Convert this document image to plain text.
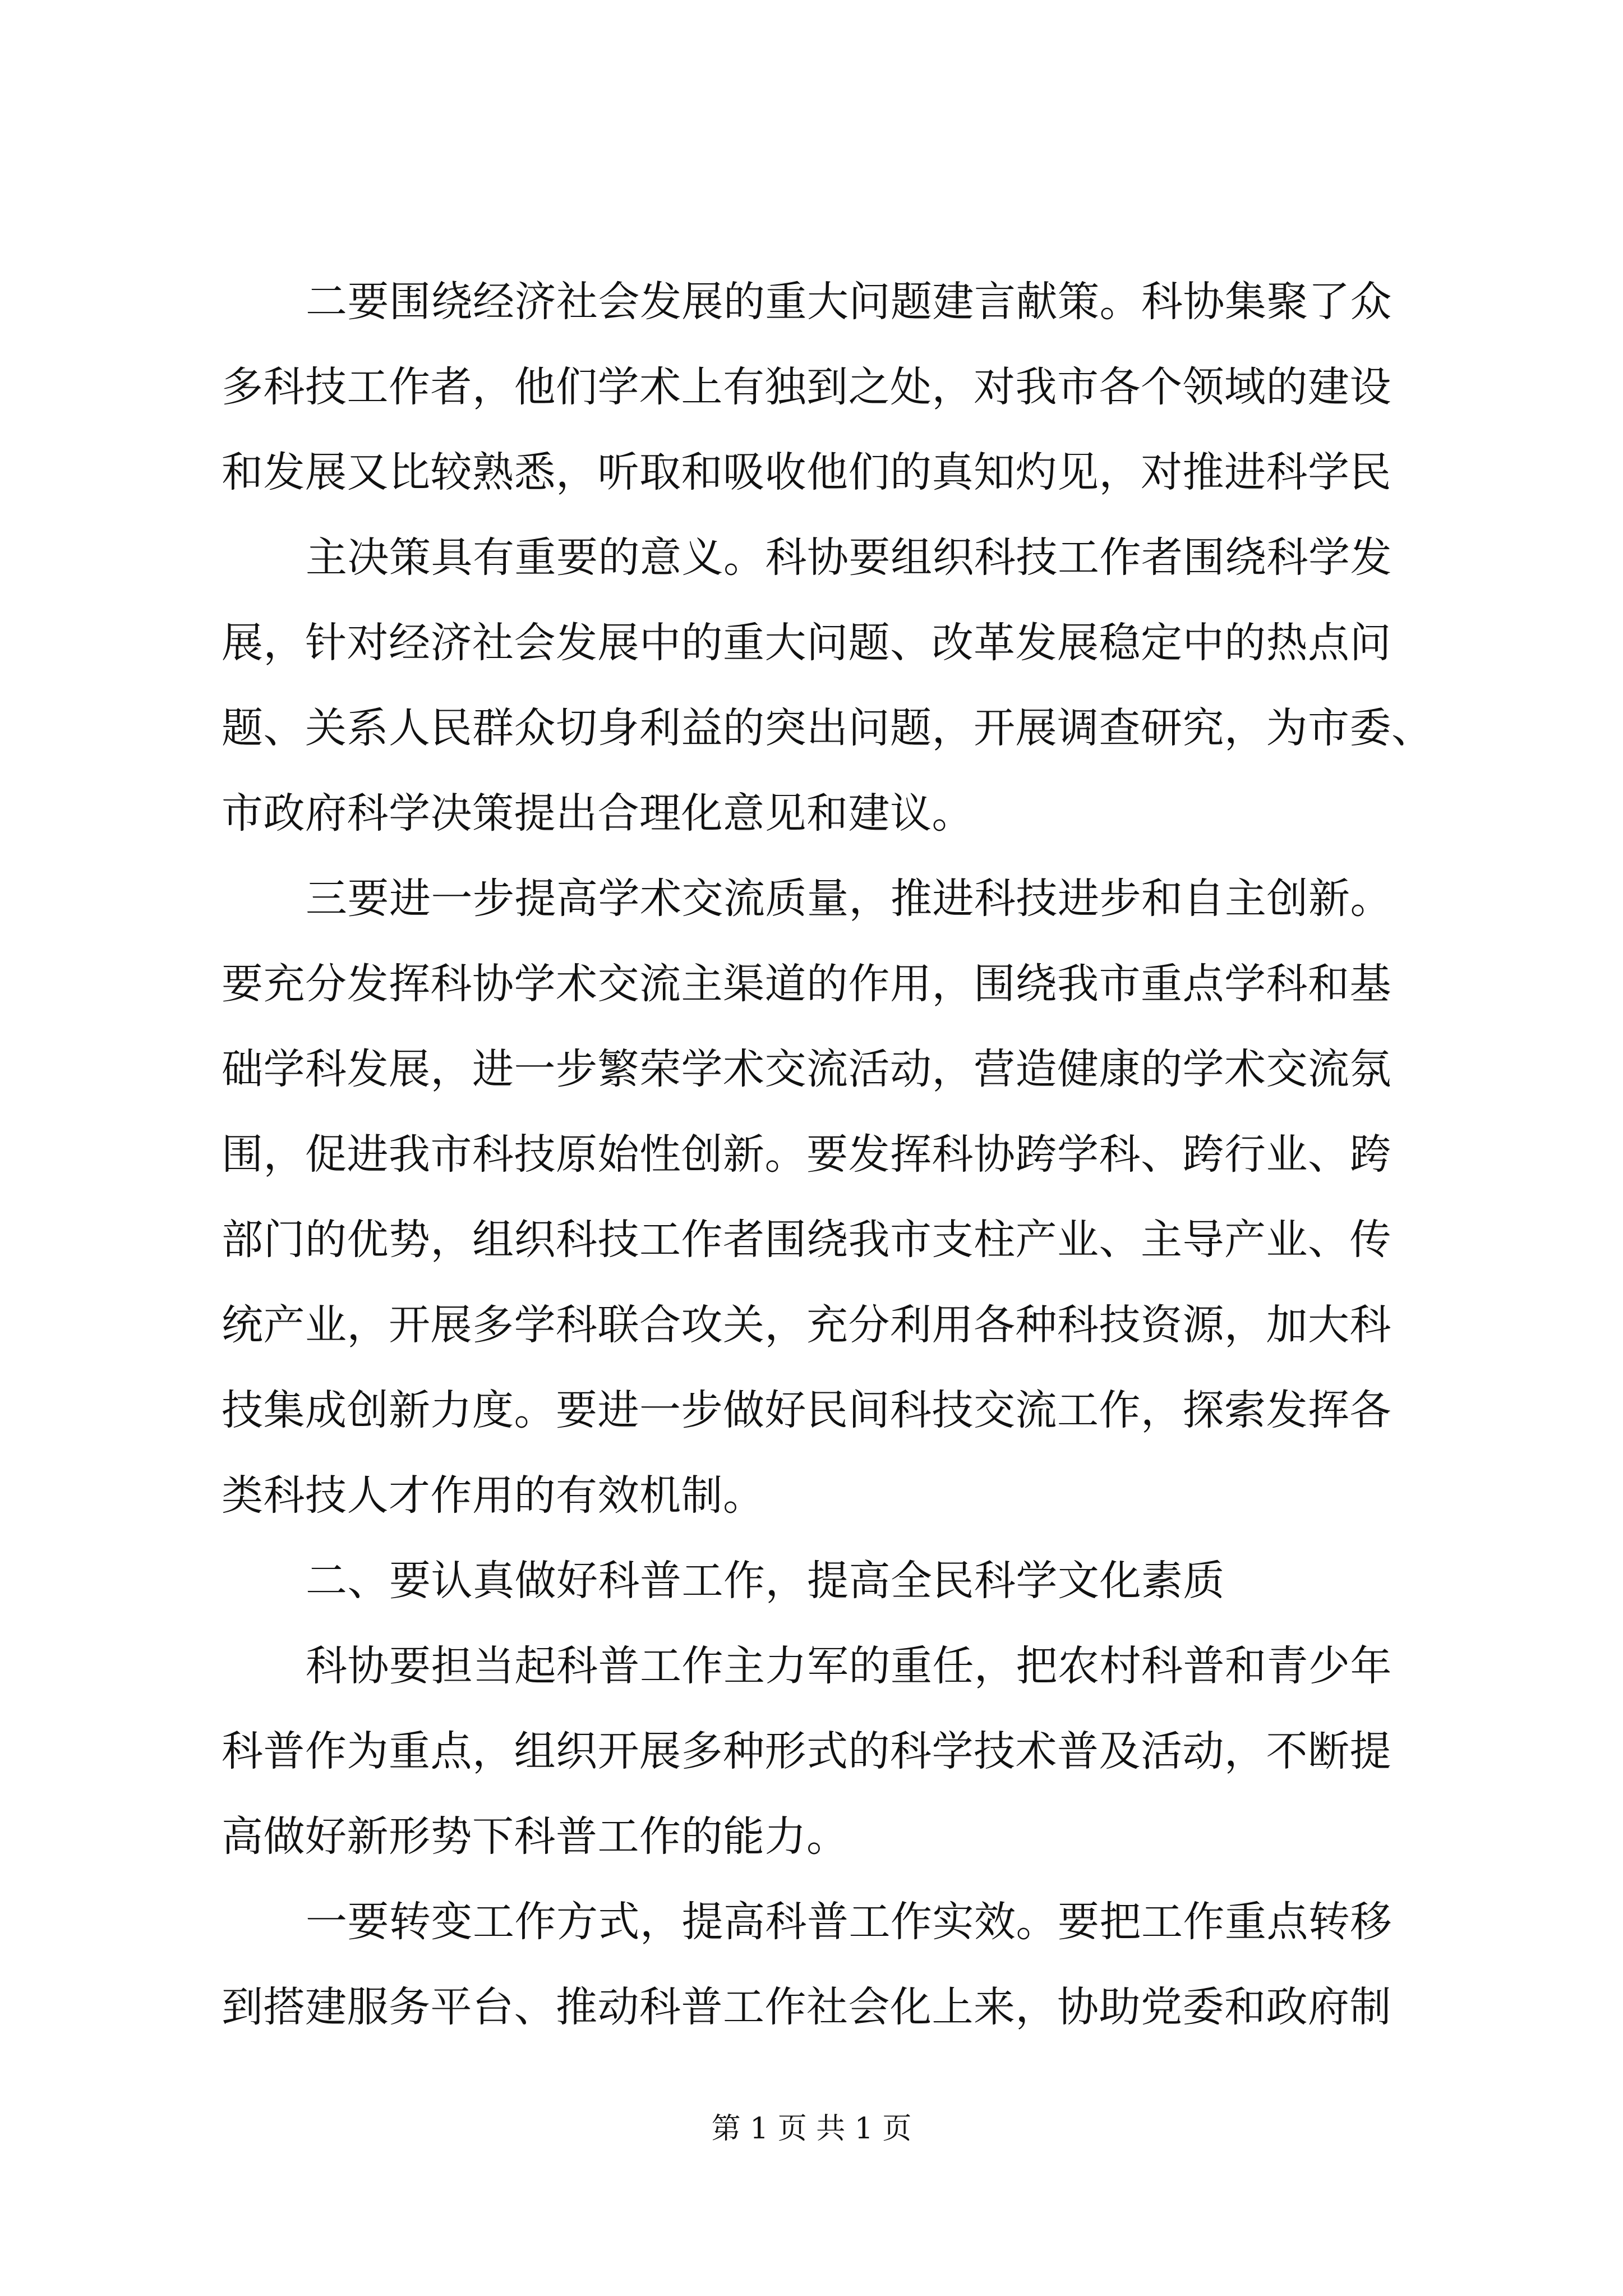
二要围绕经济社会发展的重大问题建言献策。科协集聚了众
多科技工作者，他们学术上有独到之处，对我市各个领域的建设
和发展又比较熟悉，听取和吸收他们的真知灼见，对推进科学民
主决策具有重要的意义。科协要组织科技工作者围绕科学发
展，针对经济社会发展中的重大问题、改革发展稳定中的热点问
题、关系人民群众切身利益的突出问题，开展调查研究，为市委、
市政府科学决策提出合理化意见和建议。
三要进一步提高学术交流质量，推进科技进步和自主创新。
要充分发挥科协学术交流主渠道的作用，围绕我市重点学科和基
础学科发展，进一步繁荣学术交流活动，营造健康的学术交流氛
围，促进我市科技原始性创新。要发挥科协跨学科、跨行业、跨
部门的优势，组织科技工作者围绕我市支柱产业、主导产业、传
统产业，开展多学科联合攻关，充分利用各种科技资源，加大科
技集成创新力度。要进一步做好民间科技交流工作，探索发挥各
类科技人才作用的有效机制。
二、要认真做好科普工作，提高全民科学文化素质
科协要担当起科普工作主力军的重任，把农村科普和青少年
科普作为重点，组织开展多种形式的科学技术普及活动，不断提
高做好新形势下科普工作的能力。
一要转变工作方式，提高科普工作实效。要把工作重点转移
到搭建服务平台、推动科普工作社会化上来，协助党委和政府制
第 1 页 共 1 页
